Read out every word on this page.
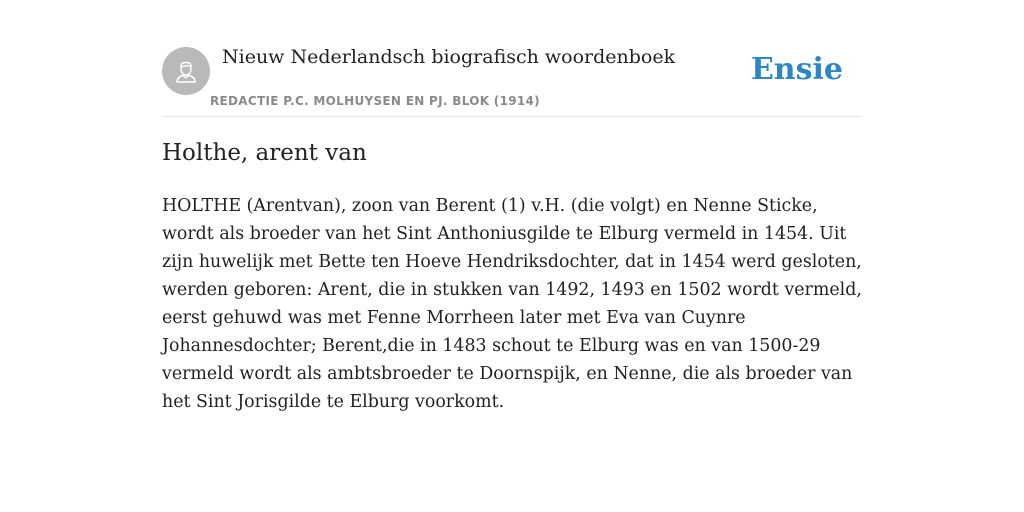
Nieuw Nederlandsch biografisch woordenboek
REDACTIE P.C. MOLHUYSEN EN PJ. BLOK (1914)
Ensie
Holthe, arent van

HOLTHE (Arentvan), zoon van Berent (1) v.H. (die volgt) en Nenne Sticke, wordt als broeder van het Sint Anthoniusgilde te Elburg vermeld in 1454. Uit zijn huwelijk met Bette ten Hoeve Hendriksdochter, dat in 1454 werd gesloten, werden geboren: Arent, die in stukken van 1492, 1493 en 1502 wordt vermeld, eerst gehuwd was met Fenne Morrheen later met Eva van Cuynre Johannesdochter; Berent,die in 1483 schout te Elburg was en van 1500-29 vermeld wordt als ambtsbroeder te Doornspijk, en Nenne, die als broeder van het Sint Jorisgilde te Elburg voorkomt.
